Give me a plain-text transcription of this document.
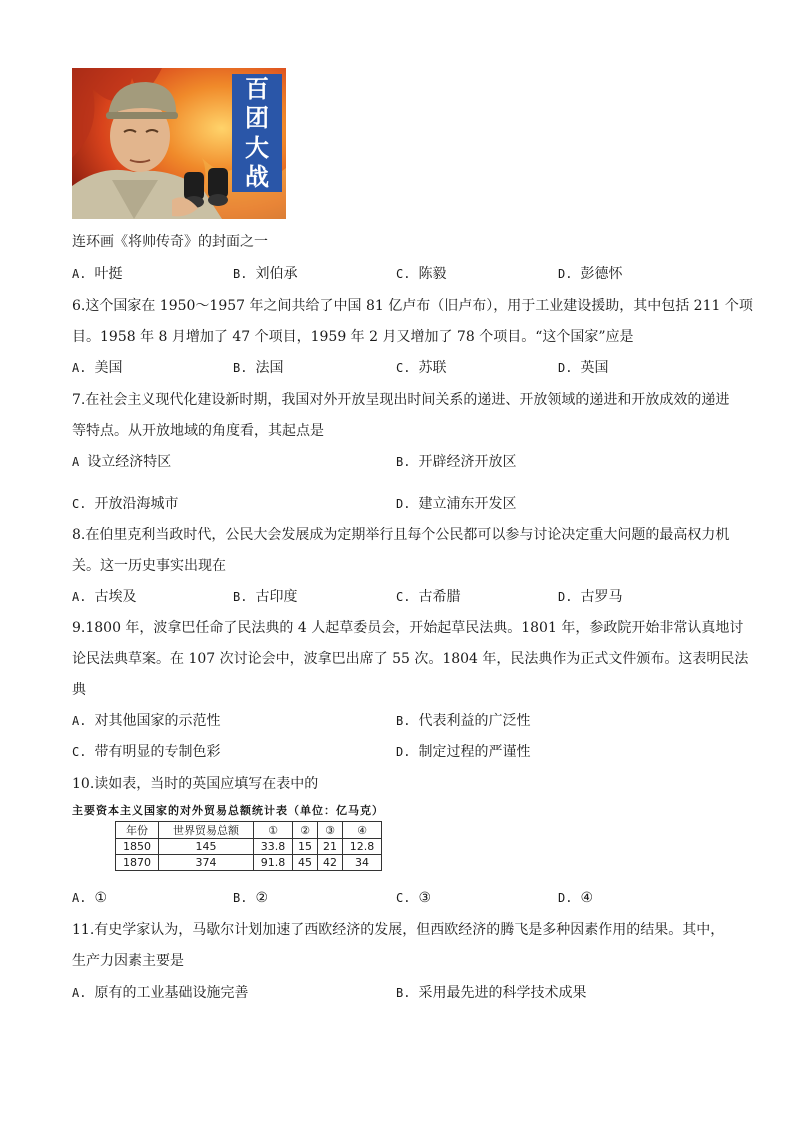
百
团
大
战
连环画《将帅传奇》的封面之一
A. 叶挺	B. 刘伯承	C. 陈毅	D. 彭德怀
6.这个国家在 1950～1957 年之间共给了中国 81 亿卢布（旧卢布），用于工业建设援助，其中包括 211 个项
目。1958 年 8 月增加了 47 个项目，1959 年 2 月又增加了 78 个项目。“这个国家”应是
A. 美国	B. 法国	C. 苏联	D. 英国
7.在社会主义现代化建设新时期，我国对外开放呈现出时间关系的递进、开放领域的递进和开放成效的递进
等特点。从开放地域的角度看，其起点是
A 设立经济特区	B. 开辟经济开放区
C. 开放沿海城市	D. 建立浦东开发区
8.在伯里克利当政时代，公民大会发展成为定期举行且每个公民都可以参与讨论决定重大问题的最高权力机
关。这一历史事实出现在
A. 古埃及	B. 古印度	C. 古希腊	D. 古罗马
9.1800 年，波拿巴任命了民法典的 4 人起草委员会，开始起草民法典。1801 年，参政院开始非常认真地讨
论民法典草案。在 107 次讨论会中，波拿巴出席了 55 次。1804 年，民法典作为正式文件颁布。这表明民法
典
A. 对其他国家的示范性	B. 代表利益的广泛性
C. 带有明显的专制色彩	D. 制定过程的严谨性
10.读如表，当时的英国应填写在表中的
主要资本主义国家的对外贸易总额统计表（单位：亿马克）
年份	世界贸易总额	①	②	③	④
1850	145	33.8	15	21	12.8
1870	374	91.8	45	42	34
A. ①	B. ②	C. ③	D. ④
11.有史学家认为，马歇尔计划加速了西欧经济的发展，但西欧经济的腾飞是多种因素作用的结果。其中，
生产力因素主要是
A. 原有的工业基础设施完善	B. 采用最先进的科学技术成果
